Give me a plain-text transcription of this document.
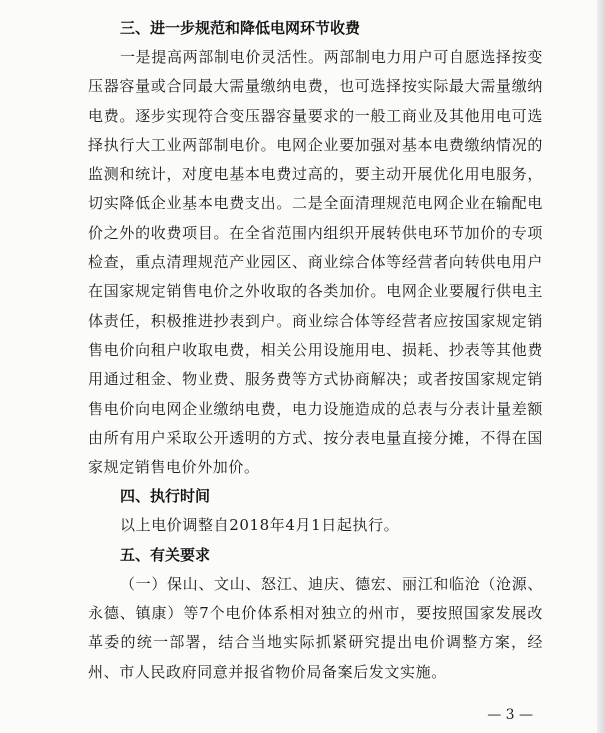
三、进一步规范和降低电网环节收费

一是提高两部制电价灵活性。两部制电力用户可自愿选择按变压器容量或合同最大需量缴纳电费，也可选择按实际最大需量缴纳电费。逐步实现符合变压器容量要求的一般工商业及其他用电可选择执行大工业两部制电价。电网企业要加强对基本电费缴纳情况的监测和统计，对度电基本电费过高的，要主动开展优化用电服务，切实降低企业基本电费支出。二是全面清理规范电网企业在输配电价之外的收费项目。在全省范围内组织开展转供电环节加价的专项检查，重点清理规范产业园区、商业综合体等经营者向转供电用户在国家规定销售电价之外收取的各类加价。电网企业要履行供电主体责任，积极推进抄表到户。商业综合体等经营者应按国家规定销售电价向租户收取电费，相关公用设施用电、损耗、抄表等其他费用通过租金、物业费、服务费等方式协商解决；或者按国家规定销售电价向电网企业缴纳电费，电力设施造成的总表与分表计量差额由所有用户采取公开透明的方式、按分表电量直接分摊，不得在国家规定销售电价外加价。

四、执行时间

以上电价调整自2018年4月1日起执行。

五、有关要求

（一）保山、文山、怒江、迪庆、德宏、丽江和临沧（沧源、永德、镇康）等7个电价体系相对独立的州市，要按照国家发展改革委的统一部署，结合当地实际抓紧研究提出电价调整方案，经州、市人民政府同意并报省物价局备案后发文实施。

— 3 —
